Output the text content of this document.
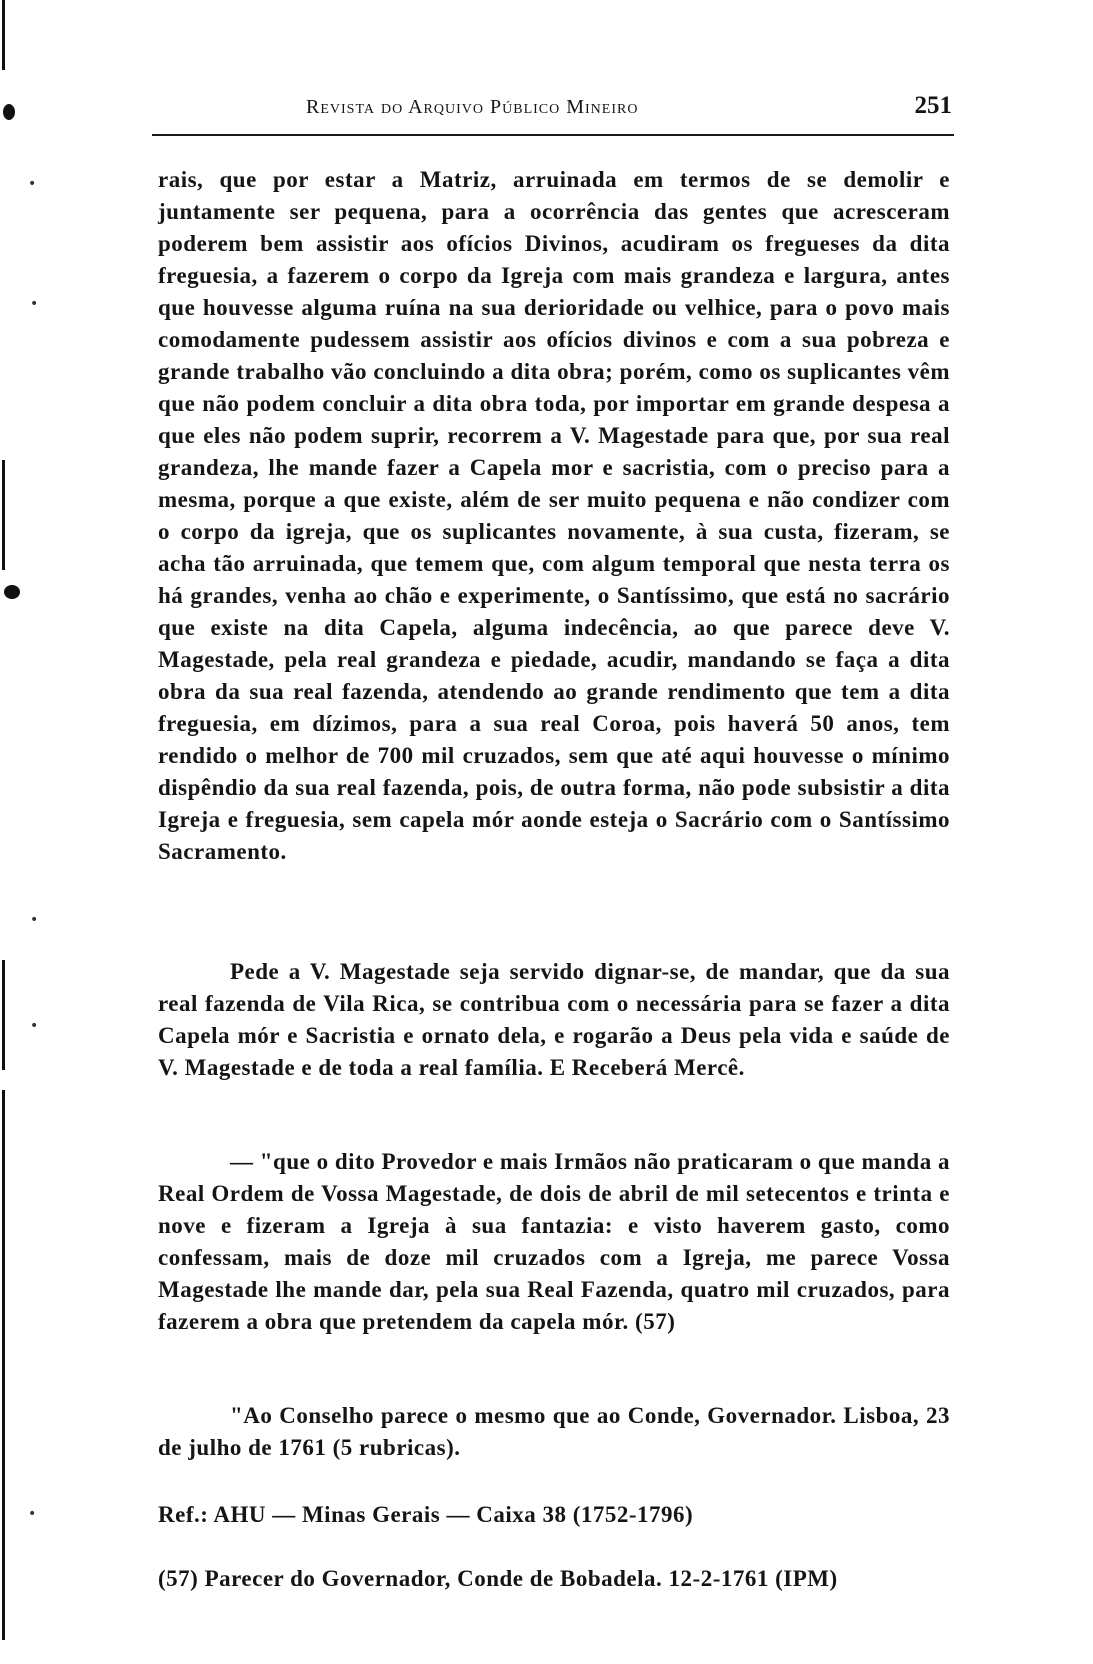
Revista do Arquivo Público Mineiro	251

rais, que por estar a Matriz, arruinada em termos de se demolir e juntamente ser pequena, para a ocorrência das gentes que acresceram poderem bem assistir aos ofícios Divinos, acudiram os fregueses da dita freguesia, a fazerem o corpo da Igreja com mais grandeza e largura, antes que houvesse alguma ruína na sua derioridade ou velhice, para o povo mais comodamente pudessem assistir aos ofícios divinos e com a sua pobreza e grande trabalho vão concluindo a dita obra; porém, como os suplicantes vêm que não podem concluir a dita obra toda, por importar em grande despesa a que eles não podem suprir, recorrem a V. Magestade para que, por sua real grandeza, lhe mande fazer a Capela mor e sacristia, com o preciso para a mesma, porque a que existe, além de ser muito pequena e não condizer com o corpo da igreja, que os suplicantes novamente, à sua custa, fizeram, se acha tão arruinada, que temem que, com algum temporal que nesta terra os há grandes, venha ao chão e experimente, o Santíssimo, que está no sacrário que existe na dita Capela, alguma indecência, ao que parece deve V. Magestade, pela real grandeza e piedade, acudir, mandando se faça a dita obra da sua real fazenda, atendendo ao grande rendimento que tem a dita freguesia, em dízimos, para a sua real Coroa, pois haverá 50 anos, tem rendido o melhor de 700 mil cruzados, sem que até aqui houvesse o mínimo dispêndio da sua real fazenda, pois, de outra forma, não pode subsistir a dita Igreja e freguesia, sem capela mór aonde esteja o Sacrário com o Santíssimo Sacramento.

Pede a V. Magestade seja servido dignar-se, de mandar, que da sua real fazenda de Vila Rica, se contribua com o necessária para se fazer a dita Capela mór e Sacristia e ornato dela, e rogarão a Deus pela vida e saúde de V. Magestade e de toda a real família. E Receberá Mercê.

— "que o dito Provedor e mais Irmãos não praticaram o que manda a Real Ordem de Vossa Magestade, de dois de abril de mil setecentos e trinta e nove e fizeram a Igreja à sua fantazia: e visto haverem gasto, como confessam, mais de doze mil cruzados com a Igreja, me parece Vossa Magestade lhe mande dar, pela sua Real Fazenda, quatro mil cruzados, para fazerem a obra que pretendem da capela mór. (57)

"Ao Conselho parece o mesmo que ao Conde, Governador. Lisboa, 23 de julho de 1761 (5 rubricas).

Ref.: AHU — Minas Gerais — Caixa 38 (1752-1796)

(57) Parecer do Governador, Conde de Bobadela. 12-2-1761 (IPM)

•
•
•
•
•
